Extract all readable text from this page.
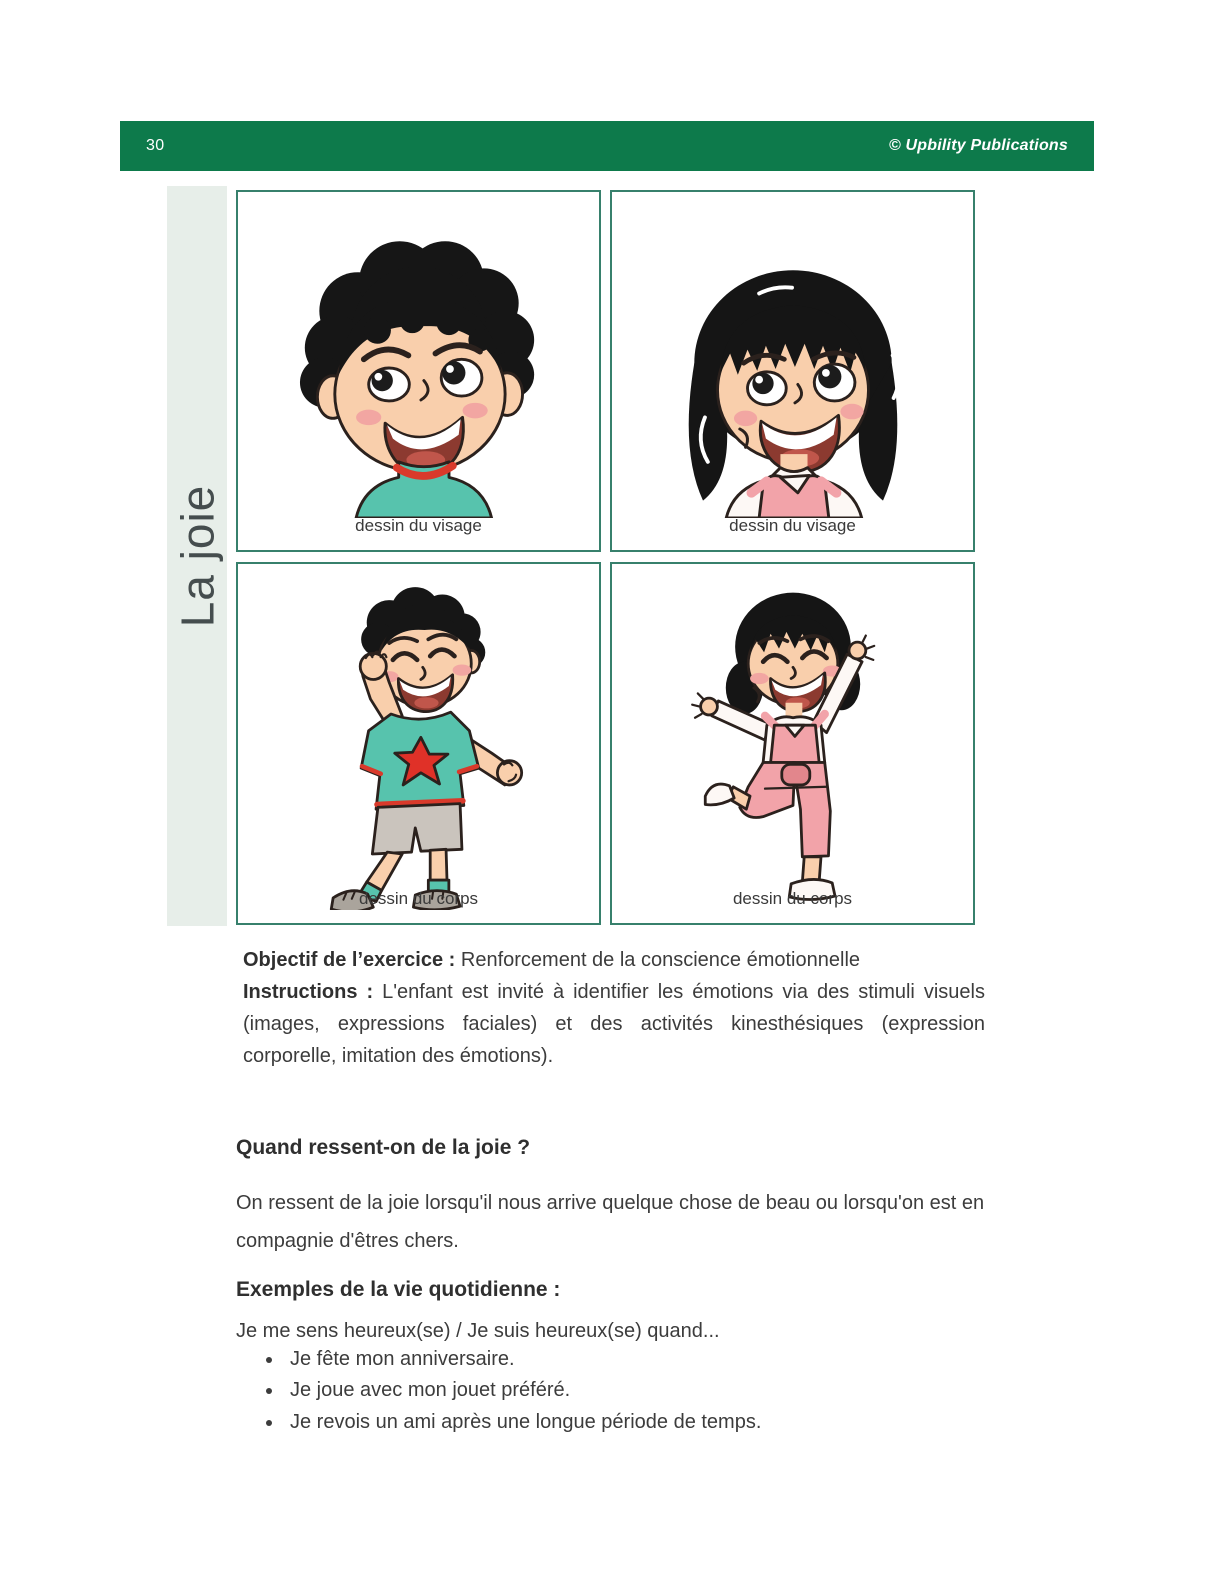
30	© Upbility Publications
La joie	dessin du visage	dessin du visage
dessin du corps	dessin du corps

Objectif de l’exercice : Renforcement de la conscience émotionnelle

Instructions : L'enfant est invité à identifier les émotions via des stimuli visuels (images, expressions faciales) et des activités kinesthésiques (expression corporelle, imitation des émotions).

Quand ressent-on de la joie ?
On ressent de la joie lorsqu'il nous arrive quelque chose de beau ou lorsqu'on est en compagnie d'êtres chers.
Exemples de la vie quotidienne :
Je me sens heureux(se) / Je suis heureux(se) quand...
• Je fête mon anniversaire.
• Je joue avec mon jouet préféré.
• Je revois un ami après une longue période de temps.
